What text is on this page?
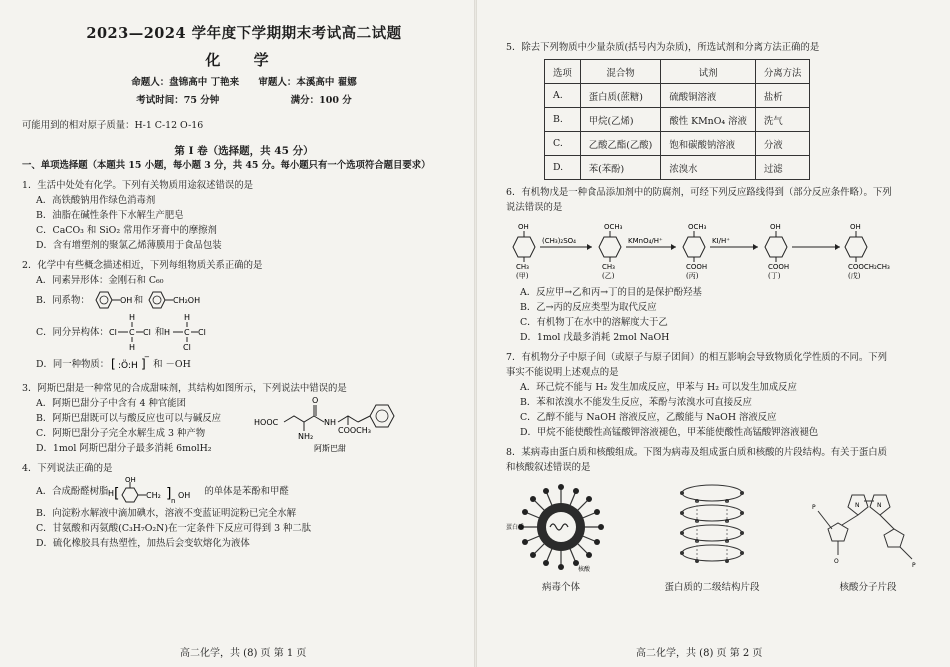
2023—2024 学年度下学期期末考试高二试题
化 学
命题人：盘锦高中 丁艳来 审题人：本溪高中 翟娜
考试时间：75 分钟	满分：100 分
可能用到的相对原子质量：H-1 C-12 O-16
第 Ⅰ 卷（选择题，共 45 分）
一、单项选择题（本题共 15 小题，每小题 3 分，共 45 分。每小题只有一个选项符合题目要求）
1．生活中处处有化学。下列有关物质用途叙述错误的是
A．高铁酸钠用作绿色消毒剂
B．油脂在碱性条件下水解生产肥皂
C．CaCO₃ 和 SiO₂ 常用作牙膏中的摩擦剂
D．含有增塑剂的聚氯乙烯薄膜用于食品包装
2．化学中有些概念描述相近，下列每组物质关系正确的是
A．同素异形体：金刚石和 C₆₀
B．同系物：	OH 和	CH₂OH
C．同分异构体：
H
Cl C Cl
H
和
H
H C Cl
Cl
D．同一种物质： [ :Ö:H ]
−
和 －OH
3．阿斯巴甜是一种常见的合成甜味剂，其结构如图所示，下列说法中错误的是
A．阿斯巴甜分子中含有 4 种官能团
B．阿斯巴甜既可以与酸反应也可以与碱反应
C．阿斯巴甜分子完全水解生成 3 种产物
D．1mol 阿斯巴甜分子最多消耗 6molH₂
HOOC
NH₂
O
NH
COOCH₃
阿斯巴甜
4．下列说法正确的是
A．合成酚醛树脂 H [
OH
CH₂ ] n
OH 的单体是苯酚和甲醛
B．向淀粉水解液中滴加碘水，溶液不变蓝证明淀粉已完全水解
C．甘氨酸和丙氨酸(C₃H₇O₂N)在一定条件下反应可得到 3 种二肽
D．硫化橡胶具有热塑性，加热后会变软熔化为液体
高二化学，共 (8) 页 第 1 页
5．除去下列物质中少量杂质(括号内为杂质)，所选试剂和分离方法正确的是
选项	混合物	试剂	分离方法
A.	蛋白质(蔗糖)	硫酸铜溶液	盐析
B.	甲烷(乙烯)	酸性 KMnO₄ 溶液	洗气
C.	乙酸乙酯(乙酸)	饱和碳酸钠溶液	分液
D.	苯(苯酚)	浓溴水	过滤
6．有机物戊是一种食品添加剂中的防腐剂，可经下列反应路线得到（部分反应条件略）。下列
说法错误的是
OH
CH₃
(甲)
OCH₃
CH₃
(乙)
OCH₃
COOH
(丙)
OH
COOH
(丁)
OH
COOCH₂CH₃
(戊)
(CH₃)₂SO₄	KMnO₄/H⁺	KI/H⁺
A．反应甲→乙和丙→丁的目的是保护酚羟基
B．乙→丙的反应类型为取代反应
C．有机物丁在水中的溶解度大于乙
D．1mol 戊最多消耗 2mol NaOH
7．有机物分子中原子间（或原子与原子团间）的相互影响会导致物质化学性质的不同。下列
事实不能说明上述观点的是
A．环己烷不能与 H₂ 发生加成反应，甲苯与 H₂ 可以发生加成反应
B．苯和浓溴水不能发生反应，苯酚与浓溴水可直接反应
C．乙醇不能与 NaOH 溶液反应，乙酸能与 NaOH 溶液反应
D．甲烷不能使酸性高锰酸钾溶液褪色，甲苯能使酸性高锰酸钾溶液褪色
8．某病毒由蛋白质和核酸组成。下图为病毒及组成蛋白质和核酸的片段结构。有关于蛋白质
和核酸叙述错误的是
蛋白质
核酸
病毒个体	蛋白质的二级结构片段
P
O
P
N	N
核酸分子片段
高二化学，共 (8) 页 第 2 页
